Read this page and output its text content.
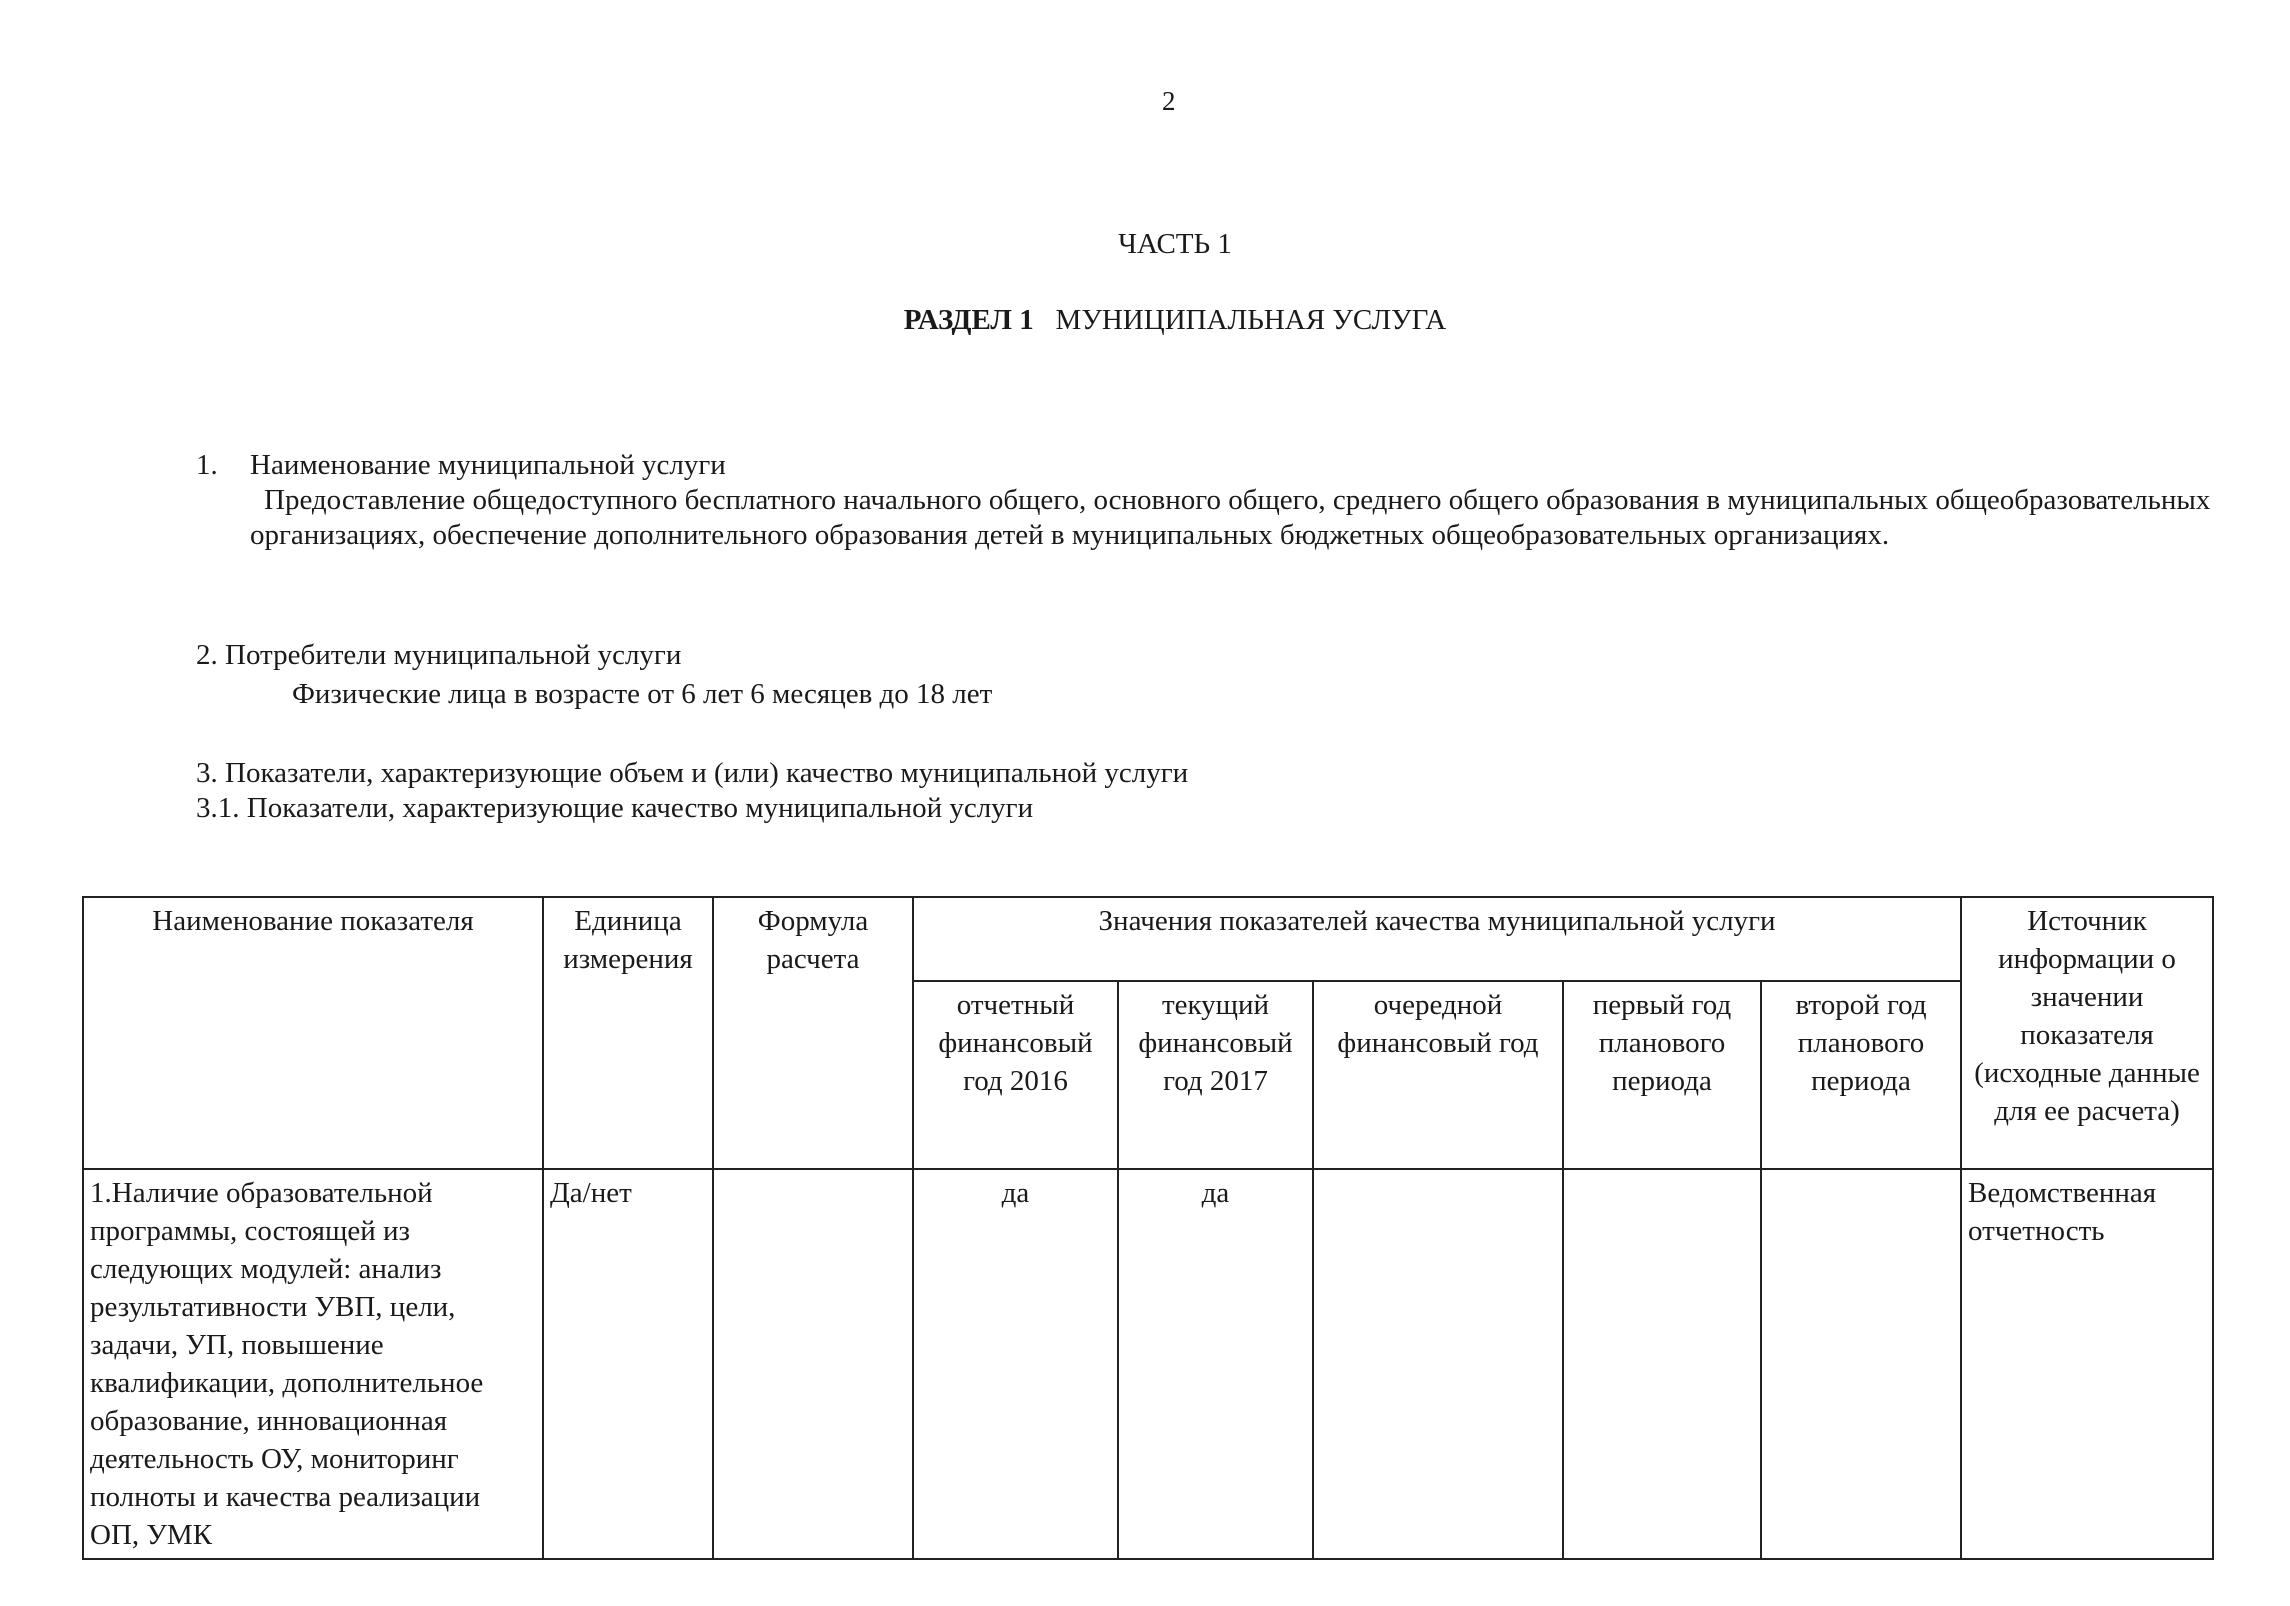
2
ЧАСТЬ 1
РАЗДЕЛ 1 МУНИЦИПАЛЬНАЯ УСЛУГА
1. Наименование муниципальной услуги
Предоставление общедоступного бесплатного начального общего, основного общего, среднего общего образования в муниципальных общеобразовательных организациях, обеспечение дополнительного образования детей в муниципальных бюджетных общеобразовательных организациях.
2. Потребители муниципальной услуги
Физические лица в возрасте от 6 лет 6 месяцев до 18 лет
3. Показатели, характеризующие объем и (или) качество муниципальной услуги
3.1. Показатели, характеризующие качество муниципальной услуги
Наименование показателя	Единица измерения	Формула расчета	Значения показателей качества муниципальной услуги					Источник информации о значении показателя (исходные данные для ее расчета)
			отчетный финансовый год 2016	текущий финансовый год 2017	очередной финансовый год	первый год планового периода	второй год планового периода	
1.Наличие образовательной программы, состоящей из следующих модулей: анализ результативности УВП, цели, задачи, УП, повышение квалификации, дополнительное образование, инновационная деятельность ОУ, мониторинг полноты и качества реализации ОП, УМК	Да/нет		да	да				Ведомственная отчетность
